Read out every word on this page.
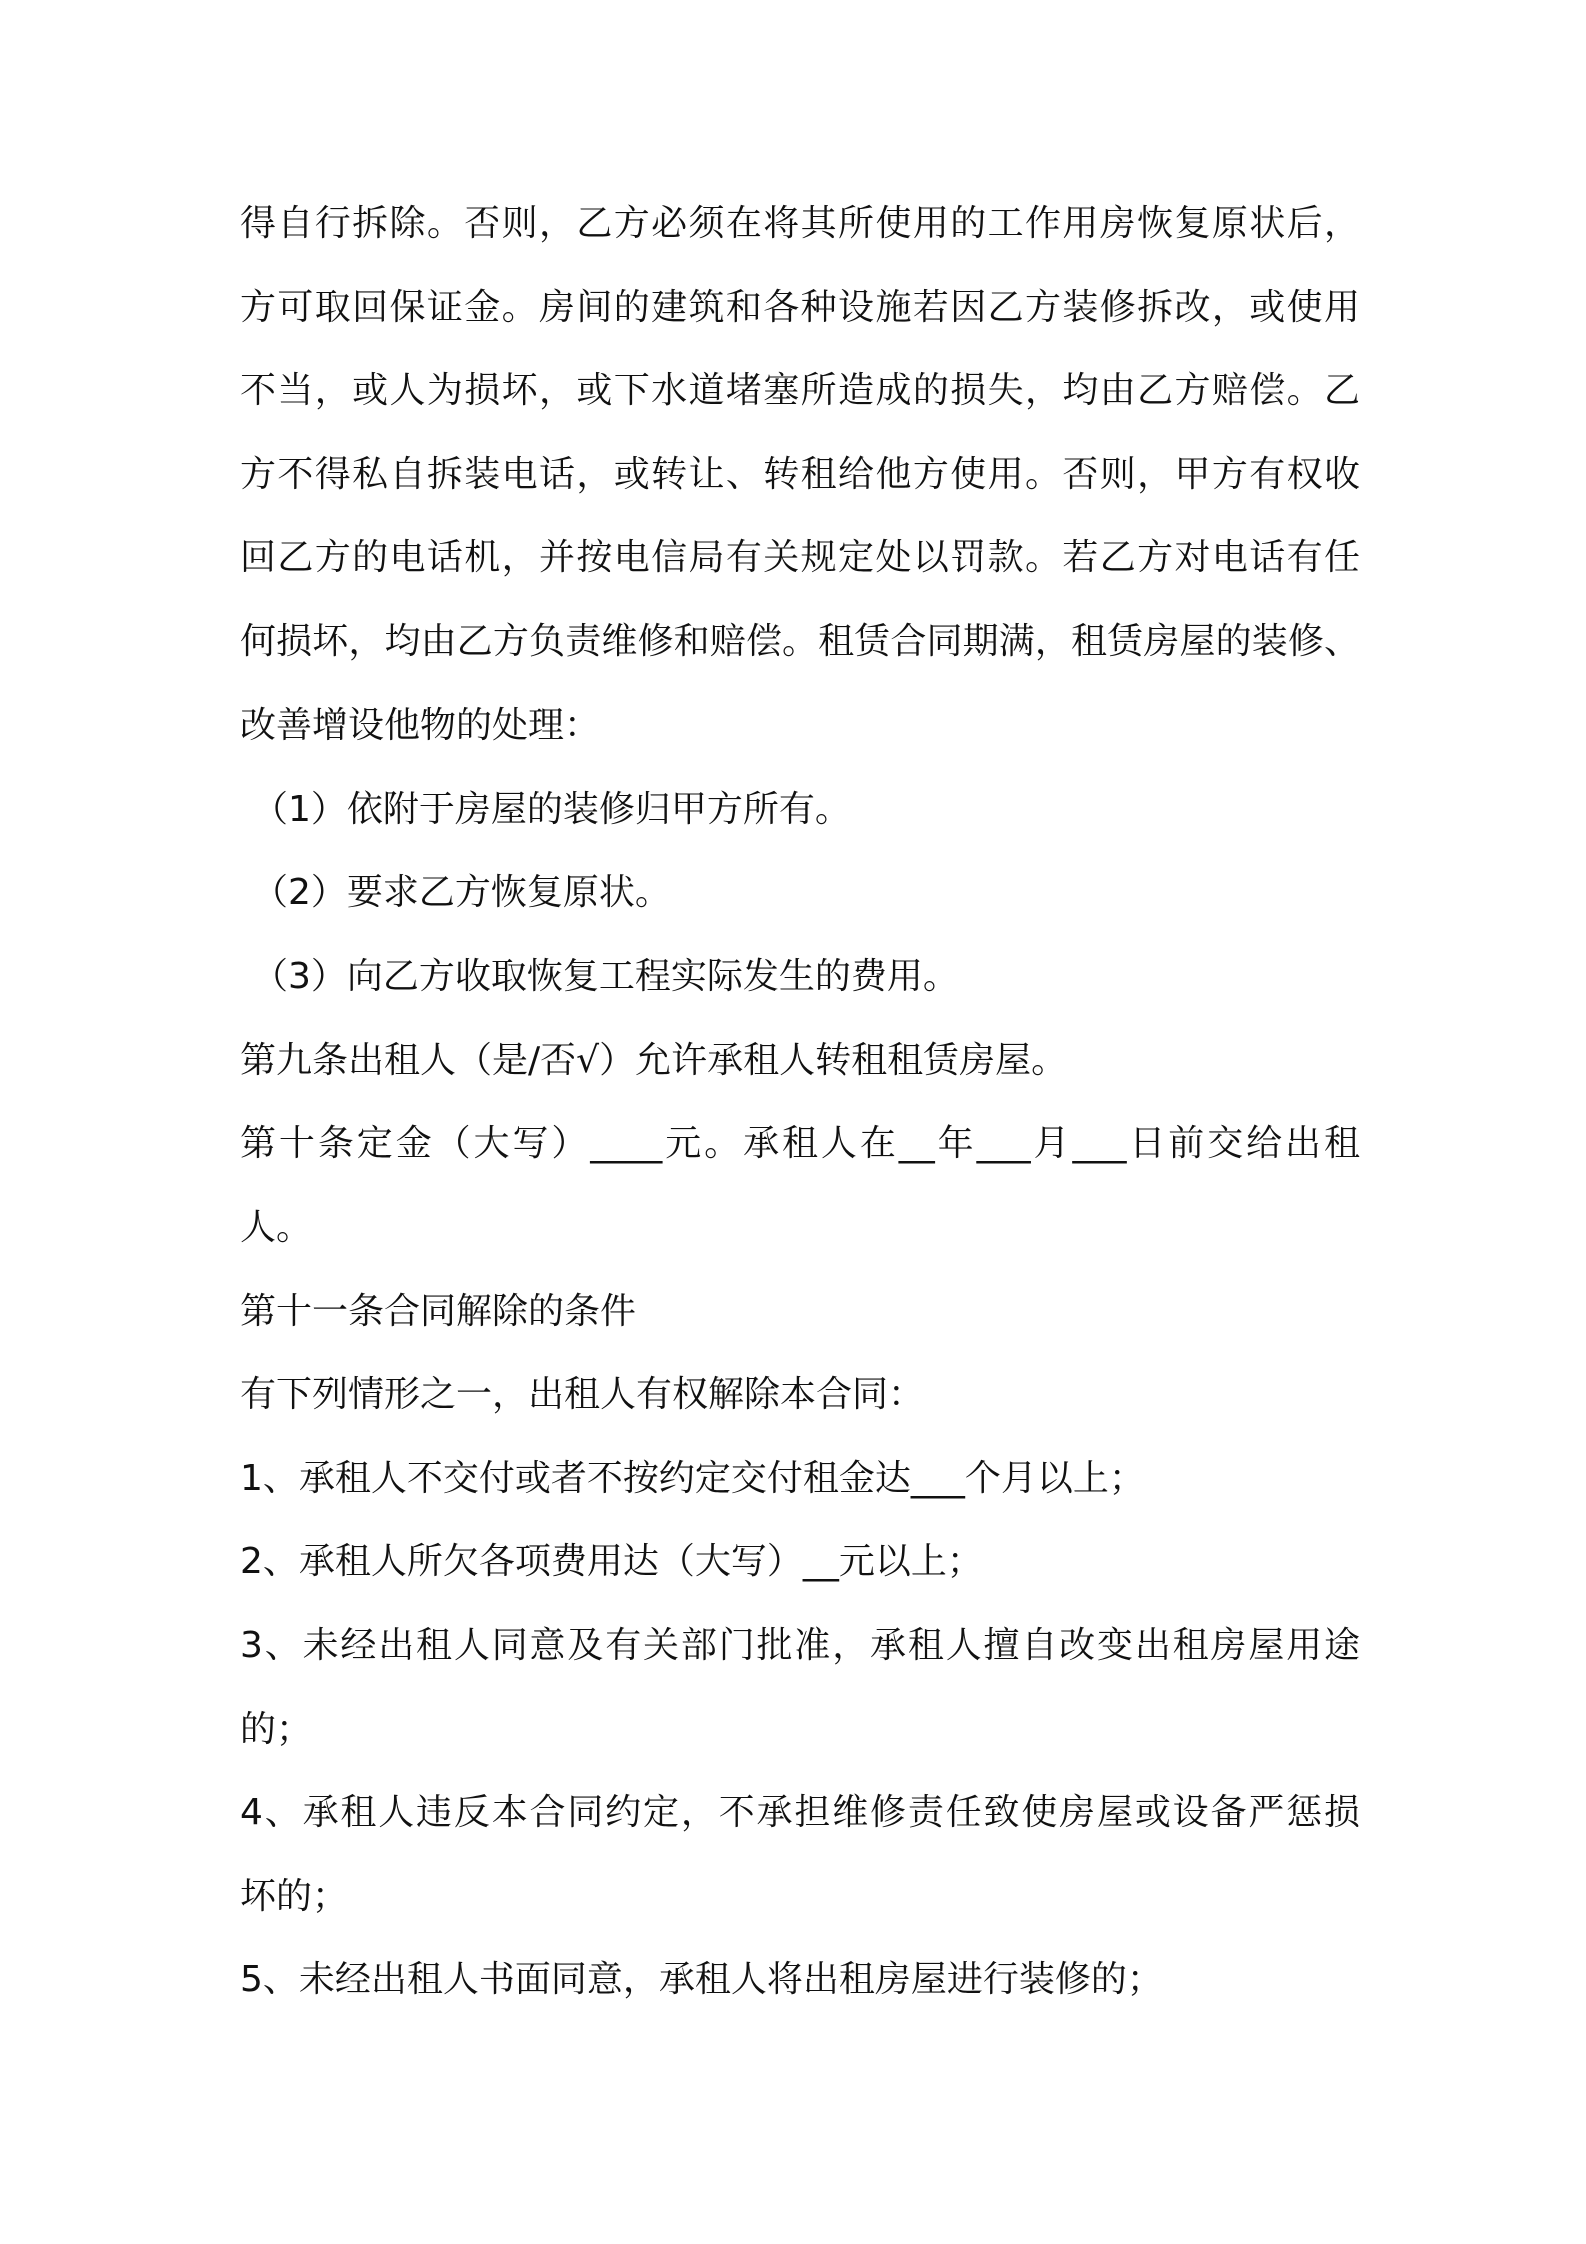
得自行拆除。否则，乙方必须在将其所使用的工作用房恢复原状后，
方可取回保证金。房间的建筑和各种设施若因乙方装修拆改，或使用
不当，或人为损坏，或下水道堵塞所造成的损失，均由乙方赔偿。乙
方不得私自拆装电话，或转让、转租给他方使用。否则，甲方有权收
回乙方的电话机，并按电信局有关规定处以罚款。若乙方对电话有任
何损坏，均由乙方负责维修和赔偿。租赁合同期满，租赁房屋的装修、
改善增设他物的处理：
（1）依附于房屋的装修归甲方所有。
（2）要求乙方恢复原状。
（3）向乙方收取恢复工程实际发生的费用。
第九条出租人（是/否√）允许承租人转租租赁房屋。
第十条定金（大写）____元。承租人在__年___月___日前交给出租
人。
第十一条合同解除的条件
有下列情形之一，出租人有权解除本合同：
1、承租人不交付或者不按约定交付租金达___个月以上；
2、承租人所欠各项费用达（大写）__元以上；
3、未经出租人同意及有关部门批准，承租人擅自改变出租房屋用途
的；
4、承租人违反本合同约定，不承担维修责任致使房屋或设备严惩损
坏的；
5、未经出租人书面同意，承租人将出租房屋进行装修的；
